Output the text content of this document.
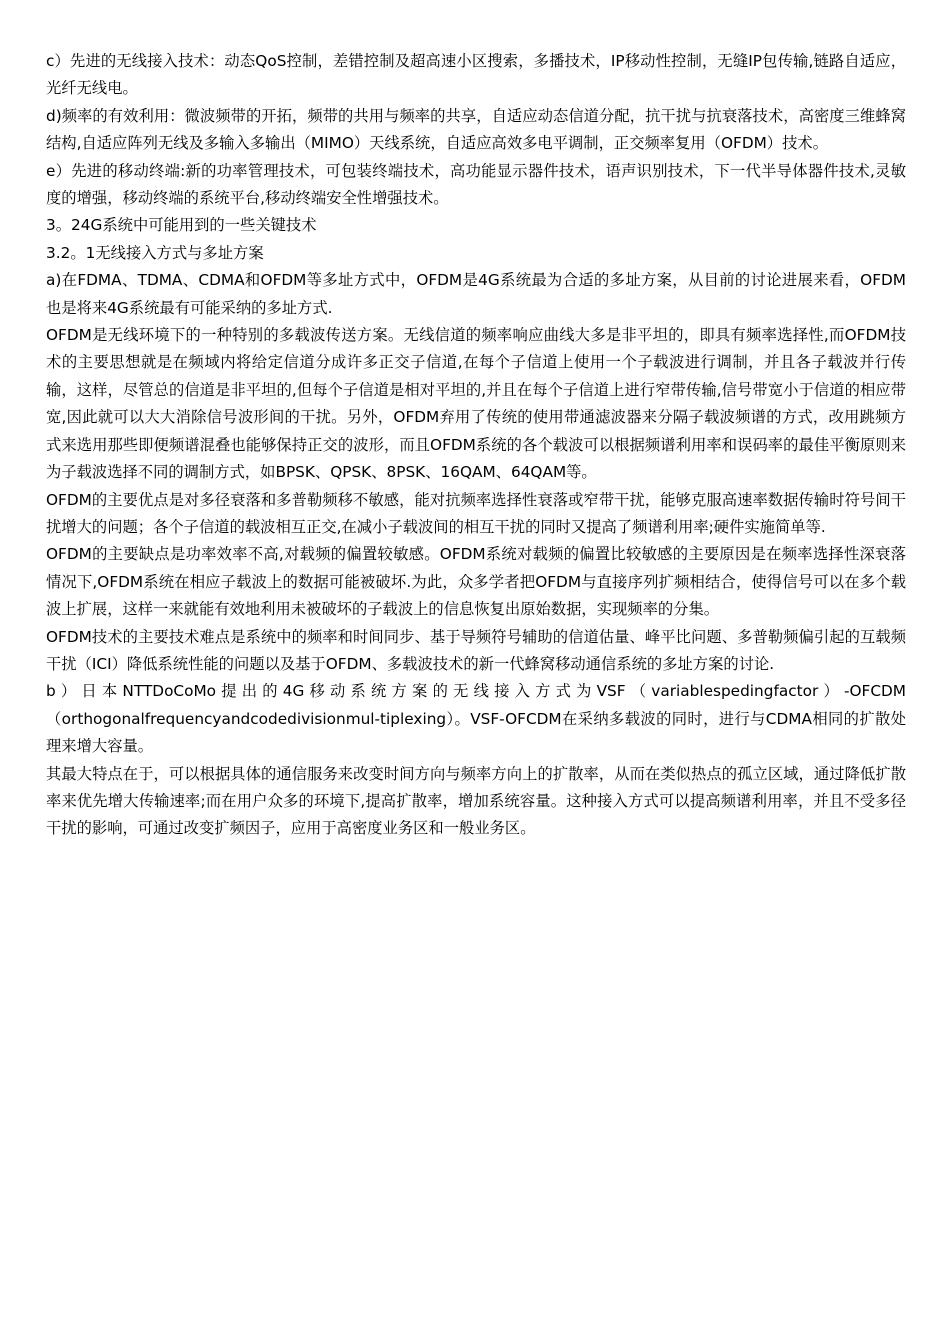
c）先进的无线接入技术：动态QoS控制，差错控制及超高速小区搜索，多播技术，IP移动性控制，无缝IP包传输,链路自适应，光纤无线电。

d)频率的有效利用：微波频带的开拓，频带的共用与频率的共享，自适应动态信道分配，抗干扰与抗衰落技术，高密度三维蜂窝结构,自适应阵列无线及多输入多输出（MIMO）天线系统，自适应高效多电平调制，正交频率复用（OFDM）技术。

e）先进的移动终端:新的功率管理技术，可包装终端技术，高功能显示器件技术，语声识别技术，下一代半导体器件技术,灵敏度的增强，移动终端的系统平台,移动终端安全性增强技术。

3。24G系统中可能用到的一些关键技术

3.2。1无线接入方式与多址方案

a)在FDMA、TDMA、CDMA和OFDM等多址方式中，OFDM是4G系统最为合适的多址方案，从目前的讨论进展来看，OFDM也是将来4G系统最有可能采纳的多址方式.

OFDM是无线环境下的一种特别的多载波传送方案。无线信道的频率响应曲线大多是非平坦的，即具有频率选择性,而OFDM技术的主要思想就是在频域内将给定信道分成许多正交子信道,在每个子信道上使用一个子载波进行调制，并且各子载波并行传输，这样，尽管总的信道是非平坦的,但每个子信道是相对平坦的,并且在每个子信道上进行窄带传输,信号带宽小于信道的相应带宽,因此就可以大大消除信号波形间的干扰。另外，OFDM弃用了传统的使用带通滤波器来分隔子载波频谱的方式，改用跳频方式来选用那些即便频谱混叠也能够保持正交的波形，而且OFDM系统的各个载波可以根据频谱利用率和误码率的最佳平衡原则来为子载波选择不同的调制方式，如BPSK、QPSK、8PSK、16QAM、64QAM等。

OFDM的主要优点是对多径衰落和多普勒频移不敏感，能对抗频率选择性衰落或窄带干扰，能够克服高速率数据传输时符号间干扰增大的问题；各个子信道的载波相互正交,在减小子载波间的相互干扰的同时又提高了频谱利用率;硬件实施简单等.

OFDM的主要缺点是功率效率不高,对载频的偏置较敏感。OFDM系统对载频的偏置比较敏感的主要原因是在频率选择性深衰落情况下,OFDM系统在相应子载波上的数据可能被破坏.为此，众多学者把OFDM与直接序列扩频相结合，使得信号可以在多个载波上扩展，这样一来就能有效地利用未被破坏的子载波上的信息恢复出原始数据，实现频率的分集。

OFDM技术的主要技术难点是系统中的频率和时间同步、基于导频符号辅助的信道估量、峰平比问题、多普勒频偏引起的互载频干扰（ICI）降低系统性能的问题以及基于OFDM、多载波技术的新一代蜂窝移动通信系统的多址方案的讨论.

b）日本NTTDoCoMo提出的4G移动系统方案的无线接入方式为VSF（variablespedingfactor）-OFCDM（orthogonalfrequencyandcodedivisionmul-tiplexing）。VSF-OFCDM在采纳多载波的同时，进行与CDMA相同的扩散处理来增大容量。

其最大特点在于，可以根据具体的通信服务来改变时间方向与频率方向上的扩散率，从而在类似热点的孤立区域，通过降低扩散率来优先增大传输速率;而在用户众多的环境下,提高扩散率，增加系统容量。这种接入方式可以提高频谱利用率，并且不受多径干扰的影响，可通过改变扩频因子，应用于高密度业务区和一般业务区。
